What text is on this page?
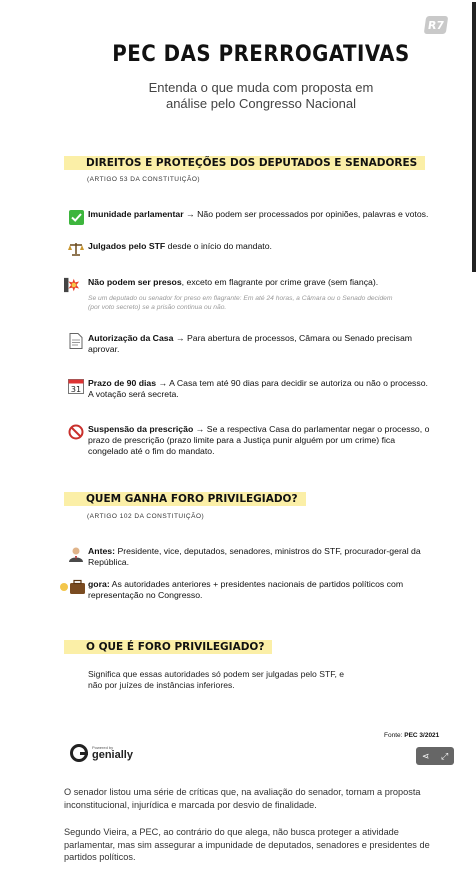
R7
PEC DAS PRERROGATIVAS
Entenda o que muda com proposta em
análise pelo Congresso Nacional
DIREITOS E PROTEÇÕES DOS DEPUTADOS E SENADORES
(ARTIGO 53 DA CONSTITUIÇÃO)
Imunidade parlamentar → Não podem ser processados por opiniões, palavras e votos.
Julgados pelo STF desde o início do mandato.
Não podem ser presos, exceto em flagrante por crime grave (sem fiança).
Se um deputado ou senador for preso em flagrante: Em até 24 horas, a Câmara ou o Senado decidem
(por voto secreto) se a prisão continua ou não.
Autorização da Casa → Para abertura de processos, Câmara ou Senado precisam aprovar.
31
Prazo de 90 dias → A Casa tem até 90 dias para decidir se autoriza ou não o processo. A votação será secreta.
Suspensão da prescrição → Se a respectiva Casa do parlamentar negar o processo, o prazo de prescrição (prazo limite para a Justiça punir alguém por um crime) fica congelado até o fim do mandato.
QUEM GANHA FORO PRIVILEGIADO?
(ARTIGO 102 DA CONSTITUIÇÃO)
Antes: Presidente, vice, deputados, senadores, ministros do STF, procurador-geral da República.
gora: As autoridades anteriores + presidentes nacionais de partidos políticos com representação no Congresso.
O QUE É FORO PRIVILEGIADO?
Significa que essas autoridades só podem ser julgadas pelo STF, e
não por juízes de instâncias inferiores.
Fonte: PEC 3/2021
Powered by
genially	⋖ ⤢
O senador listou uma série de críticas que, na avaliação do senador, tornam a proposta
inconstitucional, injurídica e marcada por desvio de finalidade.
Segundo Vieira, a PEC, ao contrário do que alega, não busca proteger a atividade
parlamentar, mas sim assegurar a impunidade de deputados, senadores e presidentes de
partidos políticos.
